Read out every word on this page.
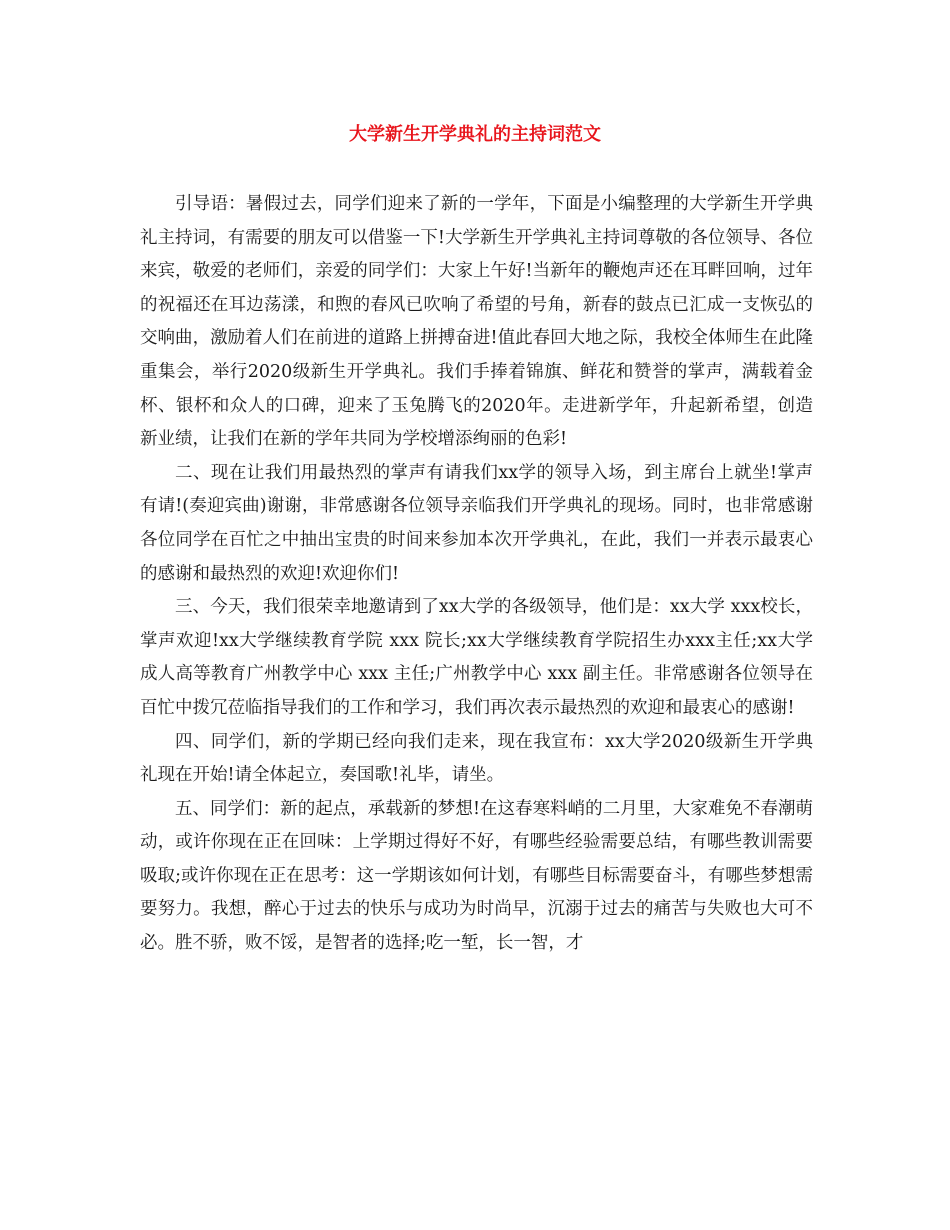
大学新生开学典礼的主持词范文

引导语：暑假过去，同学们迎来了新的一学年，下面是小编整理的大学新生开学典礼主持词，有需要的朋友可以借鉴一下!大学新生开学典礼主持词尊敬的各位领导、各位来宾，敬爱的老师们，亲爱的同学们：大家上午好!当新年的鞭炮声还在耳畔回响，过年的祝福还在耳边荡漾，和煦的春风已吹响了希望的号角，新春的鼓点已汇成一支恢弘的交响曲，激励着人们在前进的道路上拼搏奋进!值此春回大地之际，我校全体师生在此隆重集会，举行2020级新生开学典礼。我们手捧着锦旗、鲜花和赞誉的掌声，满载着金杯、银杯和众人的口碑，迎来了玉兔腾飞的2020年。走进新学年，升起新希望，创造新业绩，让我们在新的学年共同为学校增添绚丽的色彩!

二、现在让我们用最热烈的掌声有请我们xx学的领导入场，到主席台上就坐!掌声有请!(奏迎宾曲)谢谢，非常感谢各位领导亲临我们开学典礼的现场。同时，也非常感谢各位同学在百忙之中抽出宝贵的时间来参加本次开学典礼，在此，我们一并表示最衷心的感谢和最热烈的欢迎!欢迎你们!

三、今天，我们很荣幸地邀请到了xx大学的各级领导，他们是：xx大学 xxx校长，掌声欢迎!xx大学继续教育学院 xxx 院长;xx大学继续教育学院招生办xxx主任;xx大学成人高等教育广州教学中心 xxx 主任;广州教学中心 xxx 副主任。非常感谢各位领导在百忙中拨冗莅临指导我们的工作和学习，我们再次表示最热烈的欢迎和最衷心的感谢!

四、同学们，新的学期已经向我们走来，现在我宣布：xx大学2020级新生开学典礼现在开始!请全体起立，奏国歌!礼毕，请坐。

五、同学们：新的起点，承载新的梦想!在这春寒料峭的二月里，大家难免不春潮萌动，或许你现在正在回味：上学期过得好不好，有哪些经验需要总结，有哪些教训需要吸取;或许你现在正在思考：这一学期该如何计划，有哪些目标需要奋斗，有哪些梦想需要努力。我想，醉心于过去的快乐与成功为时尚早，沉溺于过去的痛苦与失败也大可不必。胜不骄，败不馁，是智者的选择;吃一堑，长一智，才
